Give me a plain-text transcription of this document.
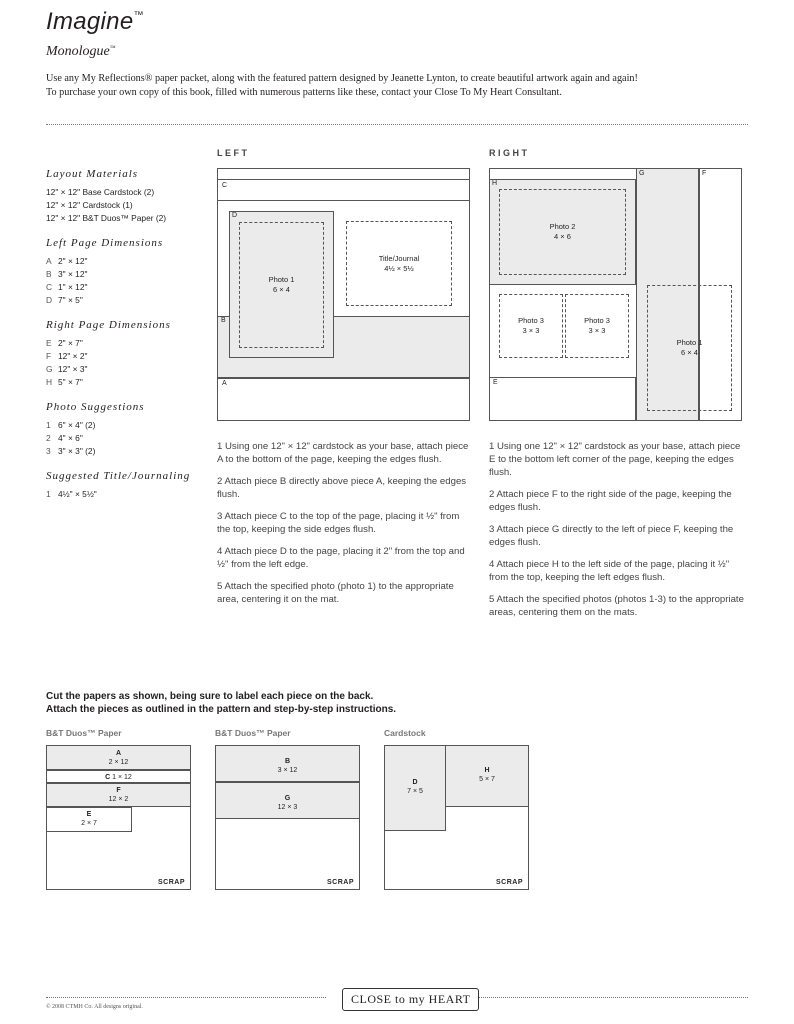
Imagine™
Monologue™
Use any My Reflections® paper packet, along with the featured pattern designed by Jeanette Lynton, to create beautiful artwork again and again!
To purchase your own copy of this book, filled with numerous patterns like these, contact your Close To My Heart Consultant.
Layout Materials
12" × 12" Base Cardstock (2)
12" × 12" Cardstock (1)
12" × 12" B&T Duos™ Paper (2)
Left Page Dimensions
A 2" × 12"
B 3" × 12"
C 1" × 12"
D 7" × 5"
Right Page Dimensions
E 2" × 7"
F 12" × 2"
G 12" × 3"
H 5" × 7"
Photo Suggestions
1 6" × 4" (2)
2 4" × 6"
3 3" × 3" (2)
Suggested Title/Journaling
1 4½" × 5½"
LEFT
C
B
A
D
Photo 1
6 × 4
Title/Journal
4½ × 5½

1 Using one 12" × 12" cardstock as your base, attach piece A to the bottom of the page, keeping the edges flush.

2 Attach piece B directly above piece A, keeping the edges flush.

3 Attach piece C to the top of the page, placing it ½" from the top, keeping the side edges flush.

4 Attach piece D to the page, placing it 2" from the top and ½" from the left edge.

5 Attach the specified photo (photo 1) to the appropriate area, centering it on the mat.

RIGHT
G	F
H
E
Photo 2
4 × 6
Photo 3
3 × 3
Photo 3
3 × 3
Photo 1
6 × 4

1 Using one 12" × 12" cardstock as your base, attach piece E to the bottom left corner of the page, keeping the edges flush.

2 Attach piece F to the right side of the page, keeping the edges flush.

3 Attach piece G directly to the left of piece F, keeping the edges flush.

4 Attach piece H to the left side of the page, placing it ½" from the top, keeping the left edges flush.

5 Attach the specified photos (photos 1-3) to the appropriate areas, centering them on the mats.

Cut the papers as shown, being sure to label each piece on the back.
Attach the pieces as outlined in the pattern and step-by-step instructions.
B&T Duos™ Paper
A
2 × 12
C 1 × 12
F
12 × 2
E
2 × 7
SCRAP
B&T Duos™ Paper
B
3 × 12
G
12 × 3
SCRAP
Cardstock
D
7 × 5
H
5 × 7
SCRAP
CLOSE to my HEART
© 2008 CTMH Co. All designs original.
